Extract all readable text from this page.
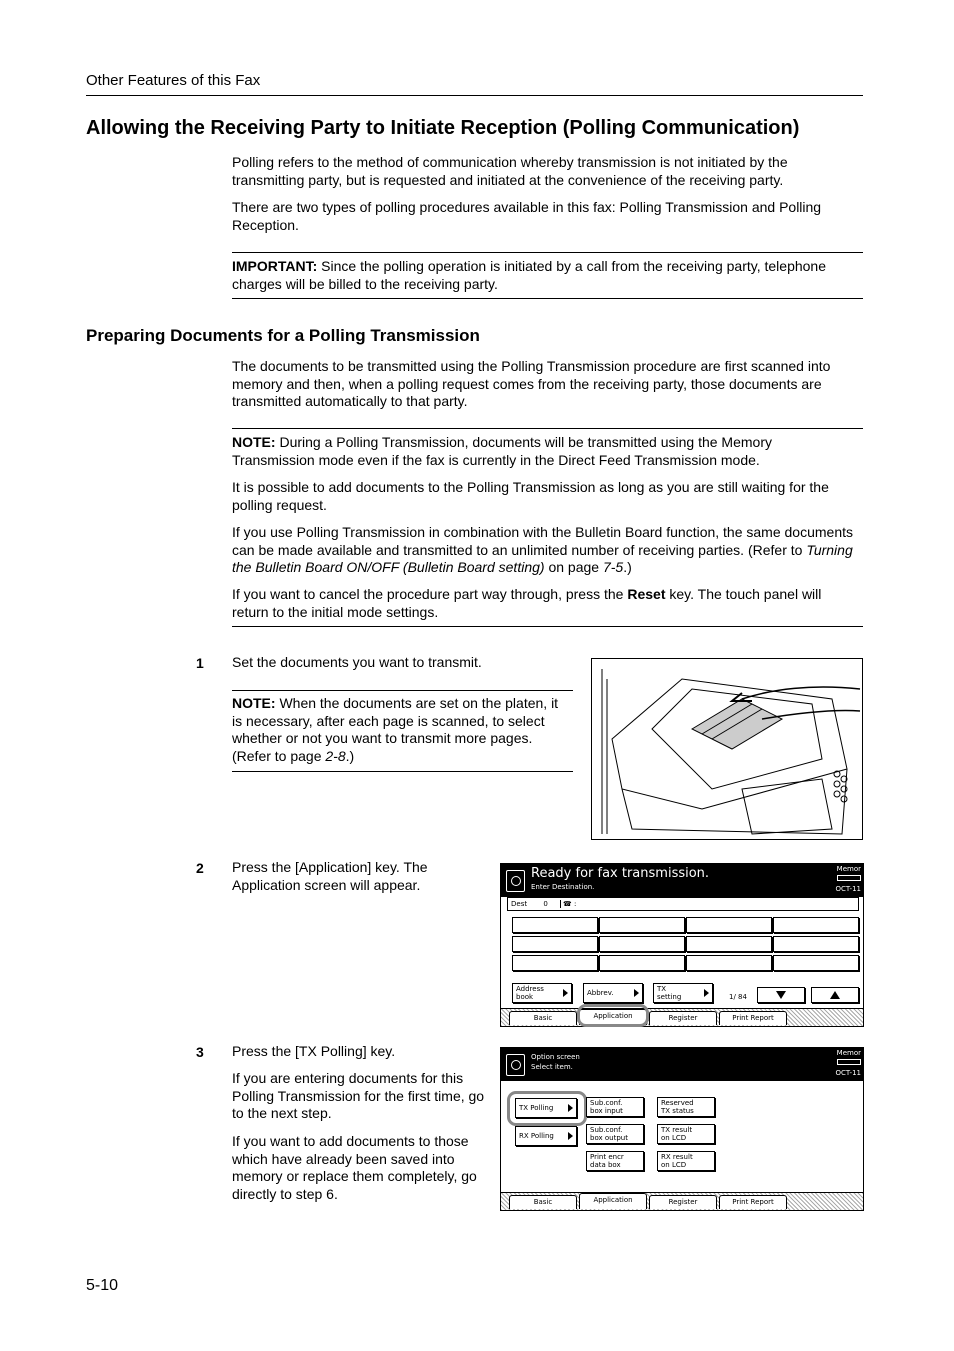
Other Features of this Fax
Allowing the Receiving Party to Initiate Reception (Polling Communication)
Polling refers to the method of communication whereby transmission is not initiated by the transmitting party, but is requested and initiated at the convenience of the receiving party.
There are two types of polling procedures available in this fax: Polling Transmission and Polling Reception.
IMPORTANT: Since the polling operation is initiated by a call from the receiving party, telephone charges will be billed to the receiving party.
Preparing Documents for a Polling Transmission
The documents to be transmitted using the Polling Transmission procedure are first scanned into memory and then, when a polling request comes from the receiving party, those documents are transmitted automatically to that party.
NOTE: During a Polling Transmission, documents will be transmitted using the Memory Transmission mode even if the fax is currently in the Direct Feed Transmission mode.
It is possible to add documents to the Polling Transmission as long as you are still waiting for the polling request.
If you use Polling Transmission in combination with the Bulletin Board function, the same documents can be made available and transmitted to an unlimited number of receiving parties. (Refer to Turning the Bulletin Board ON/OFF (Bulletin Board setting) on page 7-5.)
If you want to cancel the procedure part way through, press the Reset key. The touch panel will return to the initial mode settings.
1 Set the documents you want to transmit.
NOTE: When the documents are set on the platen, it is necessary, after each page is scanned, to select whether or not you want to transmit more pages. (Refer to page 2-8.)
2 Press the [Application] key. The Application screen will appear.
Ready for fax transmission.
Enter Destination.
Memor
OCT-11
Dest 0 ☎ :
Address
book	Abbrev.	TX
setting	1/ 84
Basic	Application	Register	Print Report
3 Press the [TX Polling] key.
If you are entering documents for this Polling Transmission for the first time, go to the next step.
If you want to add documents to those which have already been saved into memory or replace them completely, go directly to step 6.
Option screen
Select item.
Memor
OCT-11
TX Polling
RX Polling
Sub.conf.
box input
Sub.conf.
box output
Print encr
data box
Reserved
TX status
TX result
on LCD
RX result
on LCD
Basic	Application	Register	Print Report
5-10
